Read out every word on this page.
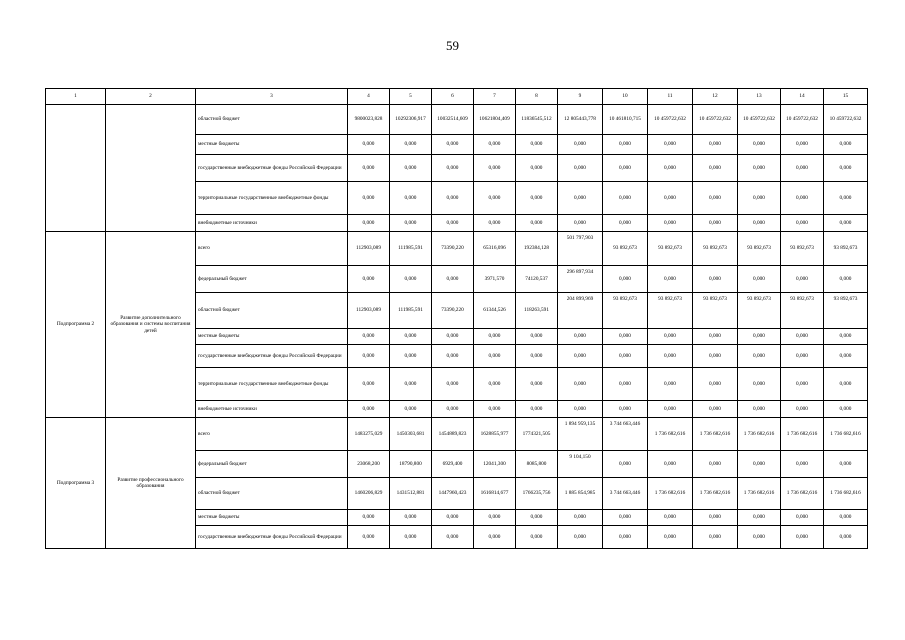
59
1	2	3	4	5	6	7	8	9	10	11	12	13	14	15
		областной бюджет	9800023,828	10292306,917	10032514,609	10621804,409	11836545,512	12 805443,778	10 461810,715	10 459722,632	10 459722,632	10 459722,632	10 459722,632	10 459722,632
		местные бюджеты	0,000	0,000	0,000	0,000	0,000	0,000	0,000	0,000	0,000	0,000	0,000	0,000
		государственные внебюджетные фонды Российской Федерации	0,000	0,000	0,000	0,000	0,000	0,000	0,000	0,000	0,000	0,000	0,000	0,000
		территориальные государственные внебюджетные фонды	0,000	0,000	0,000	0,000	0,000	0,000	0,000	0,000	0,000	0,000	0,000	0,000
		внебюджетные источники	0,000	0,000	0,000	0,000	0,000	0,000	0,000	0,000	0,000	0,000	0,000	0,000
Подпрограмма 2	Развитие дополнительного образования и системы воспитания детей	всего	112903,089	111985,591	73390,220	65316,096	192384,128	501 797,903	93 892,673	93 892,673	93 892,673	93 892,673	93 892,673	93 892,673
		федеральный бюджет	0,000	0,000	0,000	3971,570	74120,537	296 897,934	0,000	0,000	0,000	0,000	0,000	0,000
		областной бюджет	112903,089	111985,591	73390,220	61344,526	118263,591	204 899,969	93 892,673	93 892,673	93 892,673	93 892,673	93 892,673	93 892,673
		местные бюджеты	0,000	0,000	0,000	0,000	0,000	0,000	0,000	0,000	0,000	0,000	0,000	0,000
		государственные внебюджетные фонды Российской Федерации	0,000	0,000	0,000	0,000	0,000	0,000	0,000	0,000	0,000	0,000	0,000	0,000
		территориальные государственные внебюджетные фонды	0,000	0,000	0,000	0,000	0,000	0,000	0,000	0,000	0,000	0,000	0,000	0,000
		внебюджетные источники	0,000	0,000	0,000	0,000	0,000	0,000	0,000	0,000	0,000	0,000	0,000	0,000
Подпрограмма 3	Развитие профессионального образования	всего	1483275,029	1450303,681	1454889,823	1628855,977	1774321,505	1 894 959,135	3 744 663,446	1 736 682,616	1 736 682,616	1 736 682,616	1 736 682,616	1 736 682,616
		федеральный бюджет	23068,200	18790,800	6929,400	12041,300	8085,800	9 104,150	0,000	0,000	0,000	0,000	0,000	0,000
		областной бюджет	1460206,829	1431512,881	1447960,423	1616814,677	1766235,756	1 885 854,985	3 744 663,446	1 736 682,616	1 736 682,616	1 736 682,616	1 736 682,616	1 736 682,616
		местные бюджеты	0,000	0,000	0,000	0,000	0,000	0,000	0,000	0,000	0,000	0,000	0,000	0,000
		государственные внебюджетные фонды Российской Федерации	0,000	0,000	0,000	0,000	0,000	0,000	0,000	0,000	0,000	0,000	0,000	0,000
